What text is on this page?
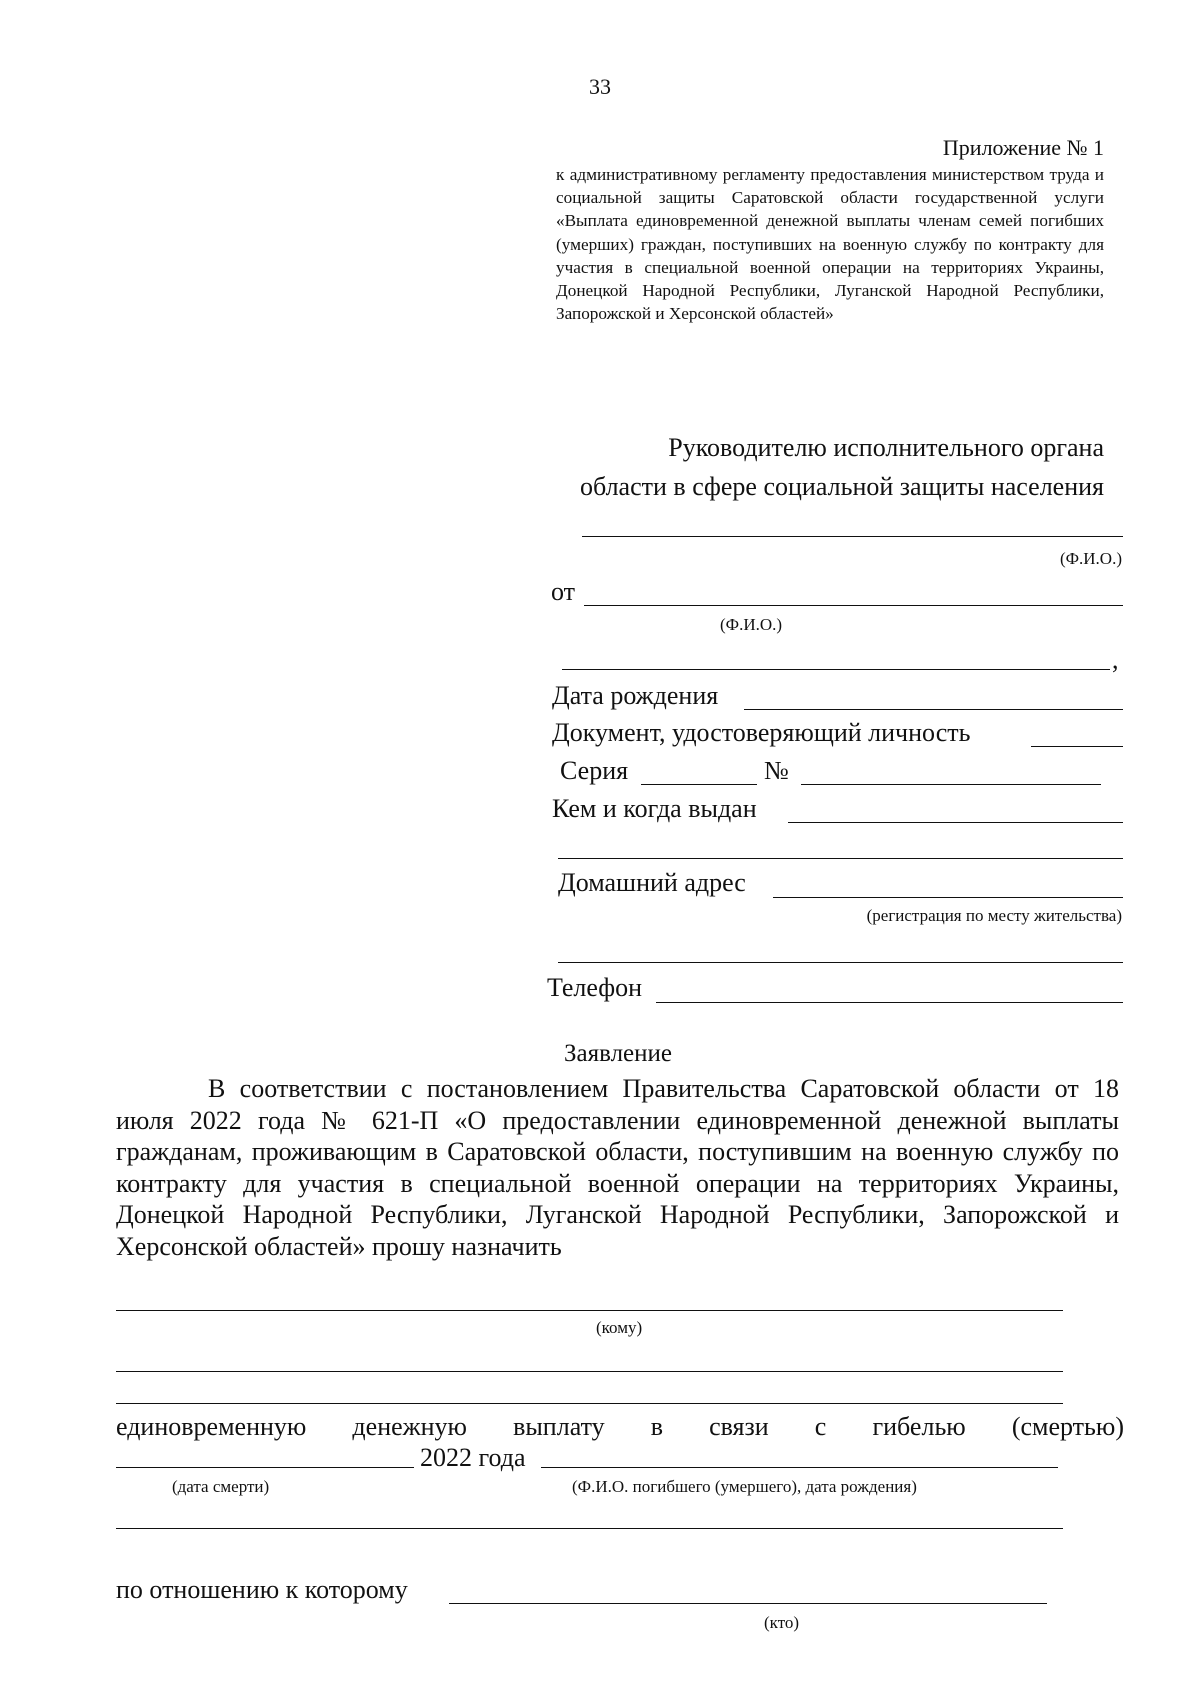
33
Приложение № 1
к административному регламенту предоставления министерством труда и социальной защиты Саратовской области государственной услуги «Выплата единовременной денежной выплаты членам семей погибших (умерших) граждан, поступивших на военную службу по контракту для участия в специальной военной операции на территориях Украины, Донецкой Народной Республики, Луганской Народной Республики, Запорожской и Херсонской областей»
Руководителю исполнительного органа
области в сфере социальной защиты населения
(Ф.И.О.)
от
(Ф.И.О.)
,
Дата рождения
Документ, удостоверяющий личность
Серия	№
Кем и когда выдан
Домашний адрес
(регистрация по месту жительства)
Телефон
Заявление
В соответствии с постановлением Правительства Саратовской области от 18 июля 2022 года № 621-П «О предоставлении единовременной денежной выплаты гражданам, проживающим в Саратовской области, поступившим на военную службу по контракту для участия в специальной военной операции на территориях Украины, Донецкой Народной Республики, Луганской Народной Республики, Запорожской и Херсонской областей» прошу назначить
(кому)
единовременную денежную выплату в связи с гибелью (смертью)
2022 года
(дата смерти)	(Ф.И.О. погибшего (умершего), дата рождения)
по отношению к которому
(кто)
